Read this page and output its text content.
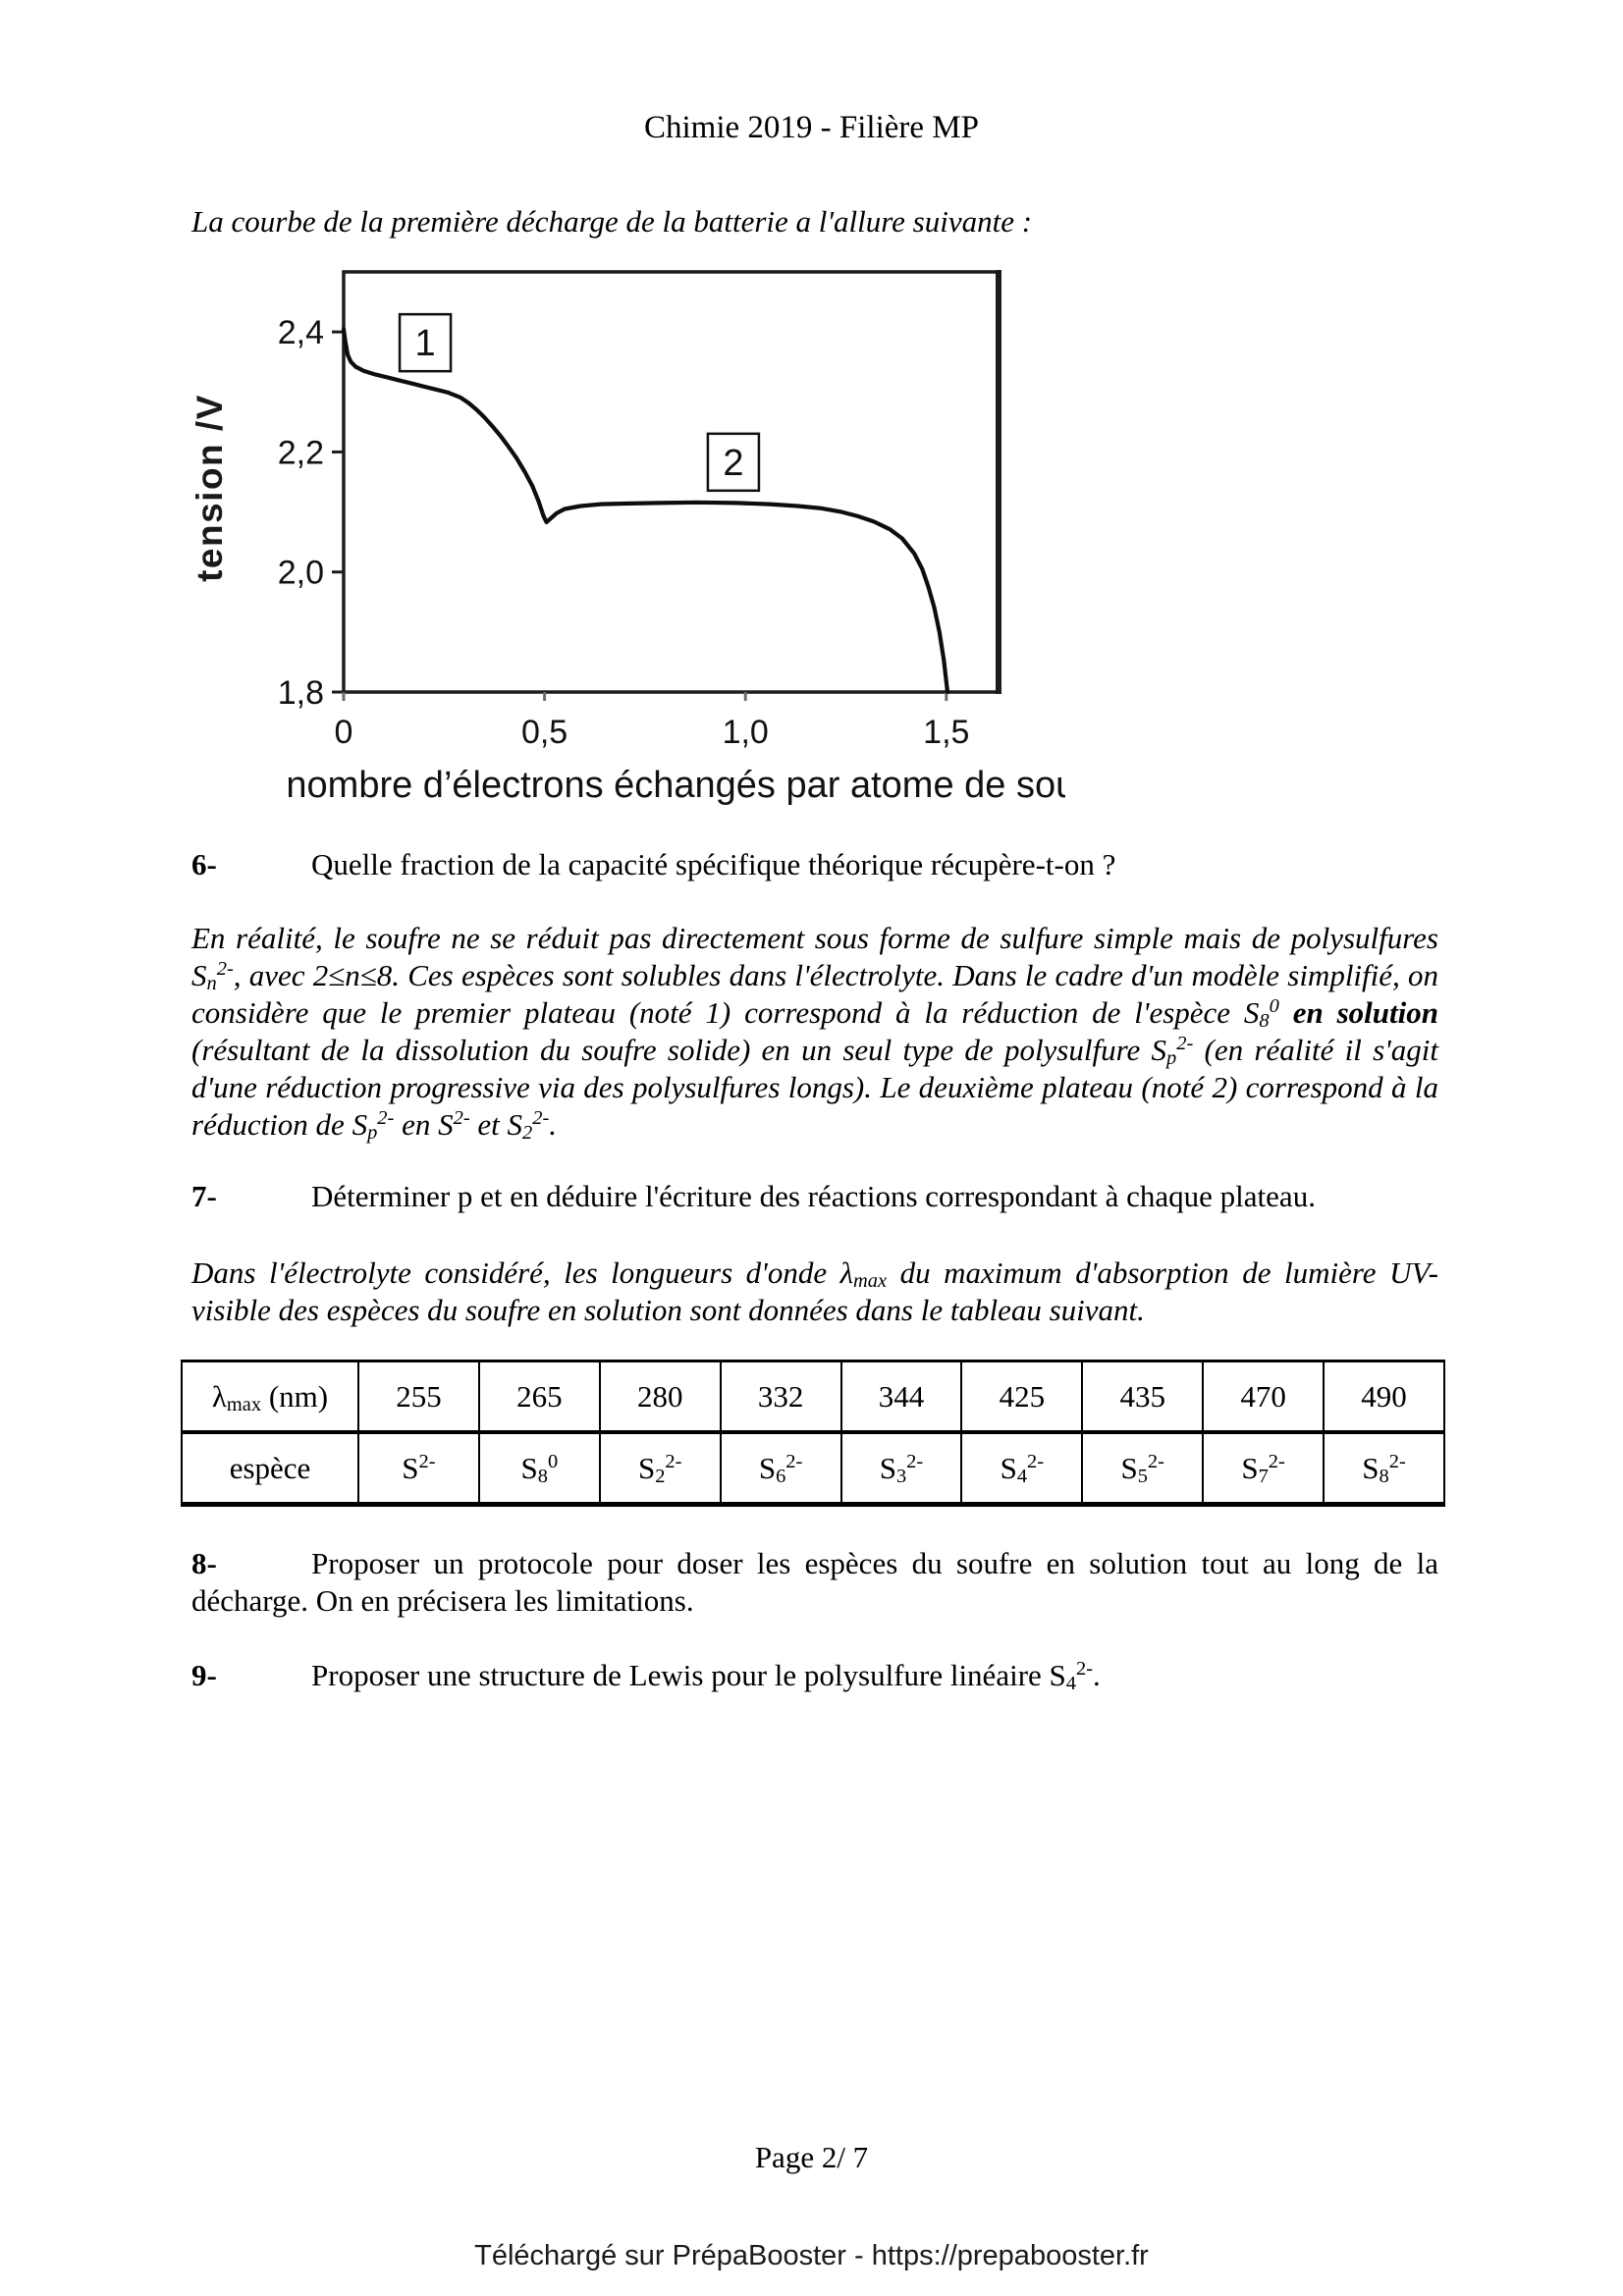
Chimie 2019 - Filière MP

La courbe de la première décharge de la batterie a l'allure suivante :

2,4
2,2
2,0
1,8
0	0,5	1,0	1,5
1
2
tension /V
nombre d’électrons échangés par atome de soufre

6-	Quelle fraction de la capacité spécifique théorique récupère-t-on ?

En réalité, le soufre ne se réduit pas directement sous forme de sulfure simple mais de polysulfures $S_n^{2-}$, avec 2≤n≤8. Ces espèces sont solubles dans l'électrolyte. Dans le cadre d'un modèle simplifié, on considère que le premier plateau (noté 1) correspond à la réduction de l'espèce $S_8^0$ en solution (résultant de la dissolution du soufre solide) en un seul type de polysulfure $S_p^{2-}$ (en réalité il s'agit d'une réduction progressive via des polysulfures longs). Le deuxième plateau (noté 2) correspond à la réduction de $S_p^{2-}$ en $S^{2-}$ et $S_2^{2-}$.

7-	Déterminer p et en déduire l'écriture des réactions correspondant à chaque plateau.

Dans l'électrolyte considéré, les longueurs d'onde $\lambda_{max}$ du maximum d'absorption de lumière UV-visible des espèces du soufre en solution sont données dans le tableau suivant.

$\lambda_{max}$ (nm)	255	265	280	332	344	425	435	470	490
espèce	$S^{2-}$	$S_8^0$	$S_2^{2-}$	$S_6^{2-}$	$S_3^{2-}$	$S_4^{2-}$	$S_5^{2-}$	$S_7^{2-}$	$S_8^{2-}$

8-	Proposer un protocole pour doser les espèces du soufre en solution tout au long de la décharge. On en précisera les limitations.

9-	Proposer une structure de Lewis pour le polysulfure linéaire $S_4^{2-}$.

Page 2/ 7

Téléchargé sur PrépaBooster - https://prepabooster.fr
